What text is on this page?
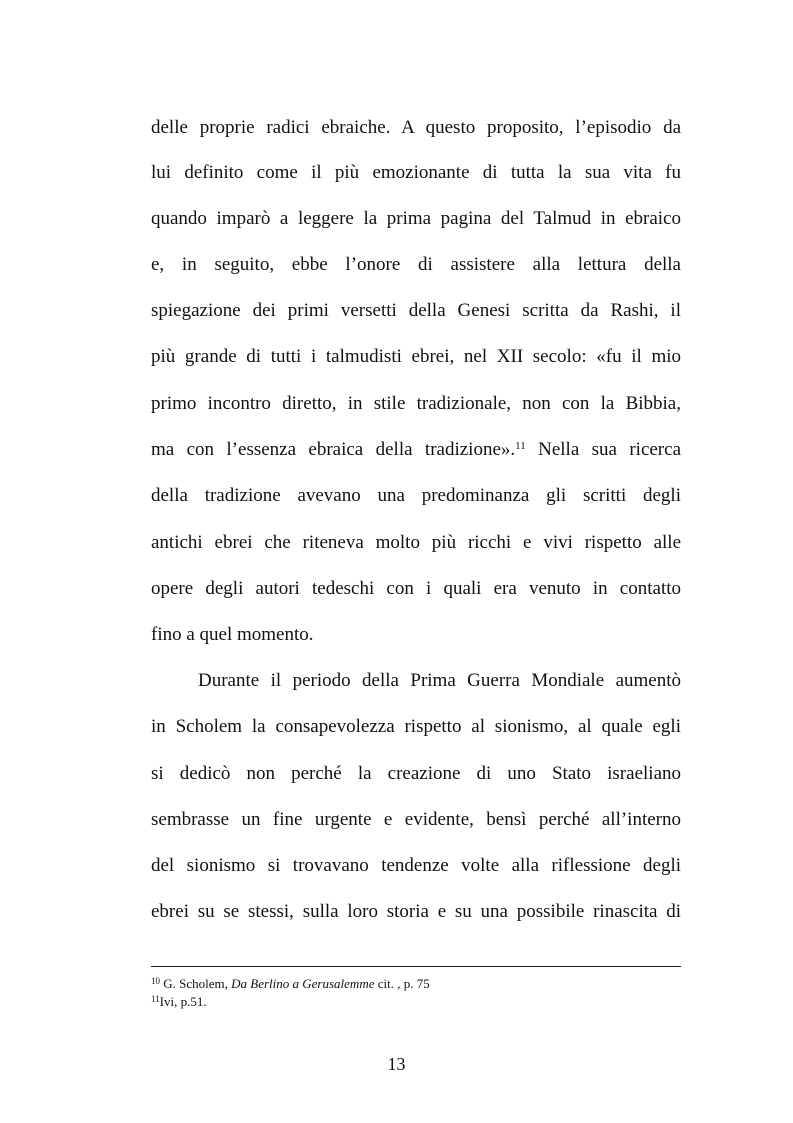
delle proprie radici ebraiche. A questo proposito, l’episodio da
lui definito come il più emozionante di tutta la sua vita fu
quando imparò a leggere la prima pagina del Talmud in ebraico
e, in seguito, ebbe l’onore di assistere alla lettura della
spiegazione dei primi versetti della Genesi scritta da Rashi, il
più grande di tutti i talmudisti ebrei, nel XII secolo: «fu il mio
primo incontro diretto, in stile tradizionale, non con la Bibbia,
ma con l’essenza ebraica della tradizione».$^{11}$ Nella sua ricerca
della tradizione avevano una predominanza gli scritti degli
antichi ebrei che riteneva molto più ricchi e vivi rispetto alle
opere degli autori tedeschi con i quali era venuto in contatto
fino a quel momento.
Durante il periodo della Prima Guerra Mondiale aumentò
in Scholem la consapevolezza rispetto al sionismo, al quale egli
si dedicò non perché la creazione di uno Stato israeliano
sembrasse un fine urgente e evidente, bensì perché all’interno
del sionismo si trovavano tendenze volte alla riflessione degli
ebrei su se stessi, sulla loro storia e su una possibile rinascita di
$^{10}$ G. Scholem, Da Berlino a Gerusalemme cit. , p. 75
$^{11}$Ivi, p.51.
13
